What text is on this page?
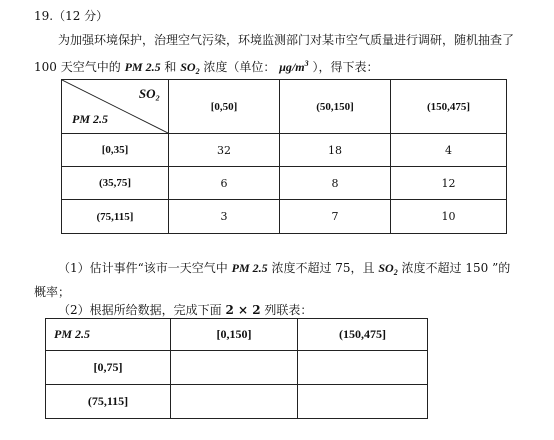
19.（12 分）
为加强环境保护，治理空气污染，环境监测部门对某市空气质量进行调研，随机抽查了
100 天空气中的 PM 2.5 和 $SO_2$ 浓度（单位： $\mu g/m^3$ ），得下表：
SO₂
PM 2.5	[0,50]	(50,150]	(150,475]
[0,35]	32	18	4
(35,75]	6	8	12
(75,115]	3	7	10
（1）估计事件“该市一天空气中 PM 2.5 浓度不超过 75，且 $SO_2$ 浓度不超过 150 ”的
概率；
（2）根据所给数据，完成下面 2 × 2 列联表：
PM 2.5	[0,150]	(150,475]
[0,75]		
(75,115]		
